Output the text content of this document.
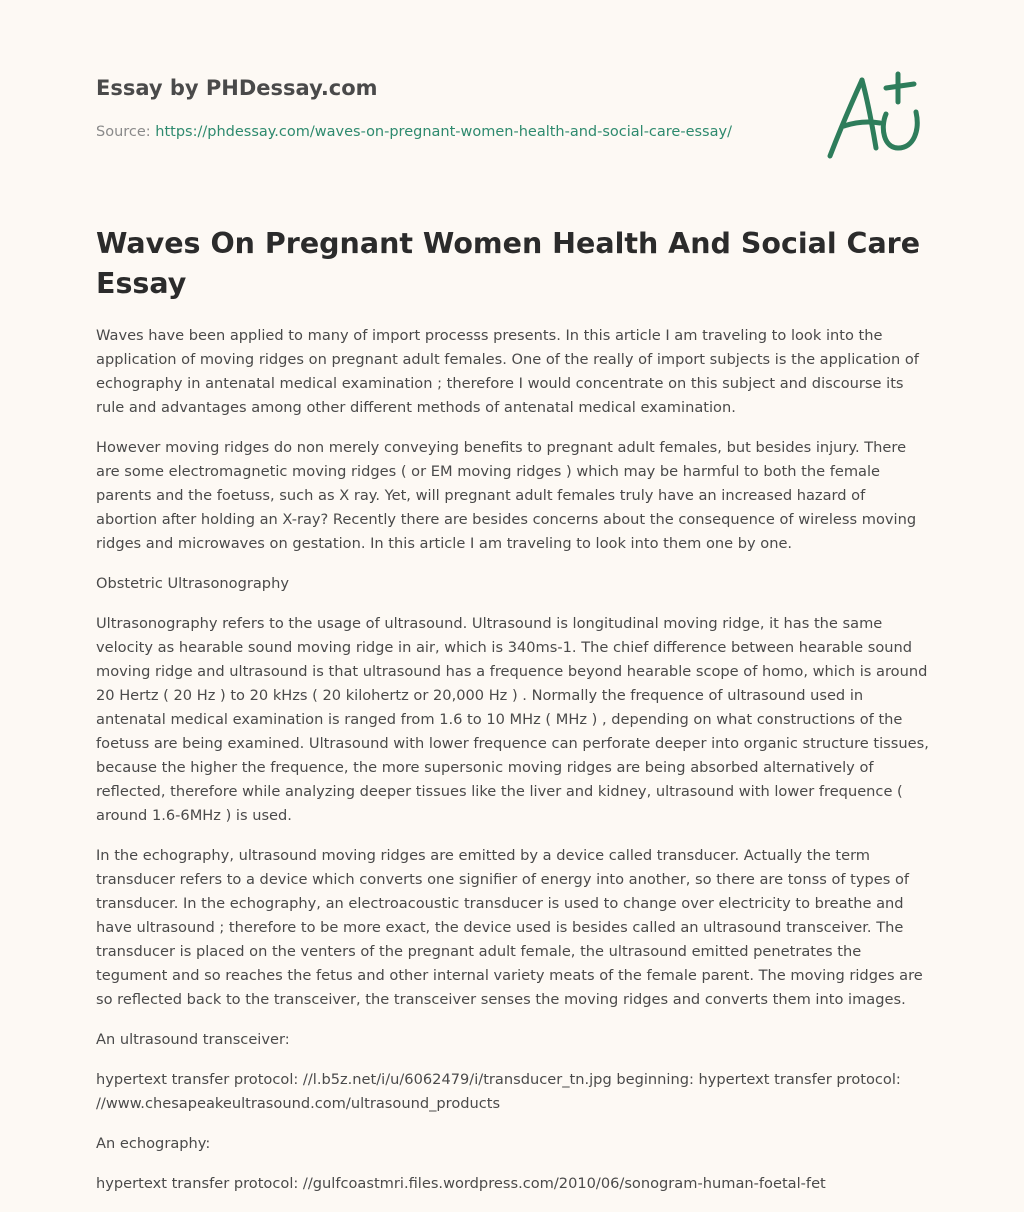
Essay by PHDessay.com
Source: https://phdessay.com/waves-on-pregnant-women-health-and-social-care-essay/
Waves On Pregnant Women Health And Social Care Essay

Waves have been applied to many of import processs presents. In this article I am traveling to look into the application of moving ridges on pregnant adult females. One of the really of import subjects is the application of echography in antenatal medical examination ; therefore I would concentrate on this subject and discourse its rule and advantages among other different methods of antenatal medical examination.

However moving ridges do non merely conveying benefits to pregnant adult females, but besides injury. There are some electromagnetic moving ridges ( or EM moving ridges ) which may be harmful to both the female parents and the foetuss, such as X ray. Yet, will pregnant adult females truly have an increased hazard of abortion after holding an X-ray? Recently there are besides concerns about the consequence of wireless moving ridges and microwaves on gestation. In this article I am traveling to look into them one by one.

Obstetric Ultrasonography

Ultrasonography refers to the usage of ultrasound. Ultrasound is longitudinal moving ridge, it has the same velocity as hearable sound moving ridge in air, which is 340ms-1. The chief difference between hearable sound moving ridge and ultrasound is that ultrasound has a frequence beyond hearable scope of homo, which is around 20 Hertz ( 20 Hz ) to 20 kHzs ( 20 kilohertz or 20,000 Hz ) . Normally the frequence of ultrasound used in antenatal medical examination is ranged from 1.6 to 10 MHz ( MHz ) , depending on what constructions of the foetuss are being examined. Ultrasound with lower frequence can perforate deeper into organic structure tissues, because the higher the frequence, the more supersonic moving ridges are being absorbed alternatively of reflected, therefore while analyzing deeper tissues like the liver and kidney, ultrasound with lower frequence ( around 1.6-6MHz ) is used.

In the echography, ultrasound moving ridges are emitted by a device called transducer. Actually the term transducer refers to a device which converts one signifier of energy into another, so there are tonss of types of transducer. In the echography, an electroacoustic transducer is used to change over electricity to breathe and have ultrasound ; therefore to be more exact, the device used is besides called an ultrasound transceiver. The transducer is placed on the venters of the pregnant adult female, the ultrasound emitted penetrates the tegument and so reaches the fetus and other internal variety meats of the female parent. The moving ridges are so reflected back to the transceiver, the transceiver senses the moving ridges and converts them into images.

An ultrasound transceiver:

hypertext transfer protocol: //l.b5z.net/i/u/6062479/i/transducer_tn.jpg beginning: hypertext transfer protocol: //www.chesapeakeultrasound.com/ultrasound_products

An echography:

hypertext transfer protocol: //gulfcoastmri.files.wordpress.com/2010/06/sonogram-human-foetal-fet
